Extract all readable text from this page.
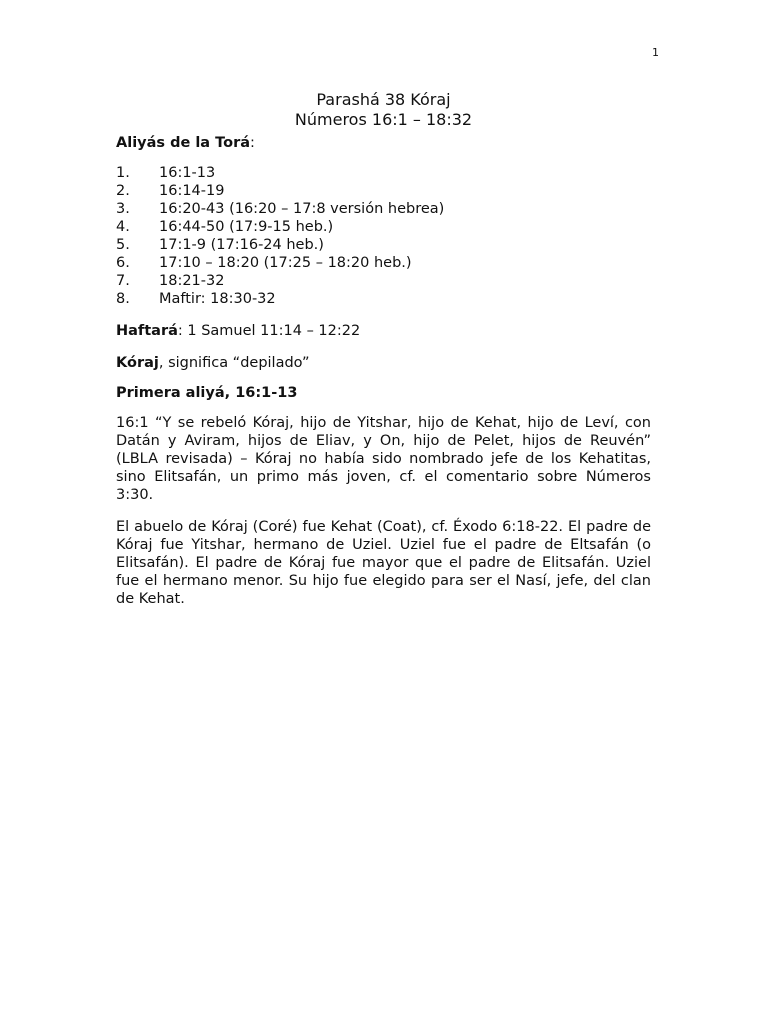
1
Parashá 38 Kóraj
Números 16:1 – 18:32
Aliyás de la Torá:
1.	16:1-13
2.	16:14-19
3.	16:20-43 (16:20 – 17:8 versión hebrea)
4.	16:44-50 (17:9-15 heb.)
5.	17:1-9 (17:16-24 heb.)
6.	17:10 – 18:20 (17:25 – 18:20 heb.)
7.	18:21-32
8.	Maftir: 18:30-32

Haftará: 1 Samuel 11:14 – 12:22

Kóraj, significa “depilado”

Primera aliyá, 16:1-13

16:1 “Y se rebeló Kóraj, hijo de Yitshar, hijo de Kehat, hijo de Leví, con Datán y Aviram, hijos de Eliav, y On, hijo de Pelet, hijos de Reuvén” (LBLA revisada) – Kóraj no había sido nombrado jefe de los Kehatitas, sino Elitsafán, un primo más joven, cf. el comentario sobre Números 3:30.

El abuelo de Kóraj (Coré) fue Kehat (Coat), cf. Éxodo 6:18-22. El padre de Kóraj fue Yitshar, hermano de Uziel. Uziel fue el padre de Eltsafán (o Elitsafán). El padre de Kóraj fue mayor que el padre de Elitsafán. Uziel fue el hermano menor. Su hijo fue elegido para ser el Nasí, jefe, del clan de Kehat.
